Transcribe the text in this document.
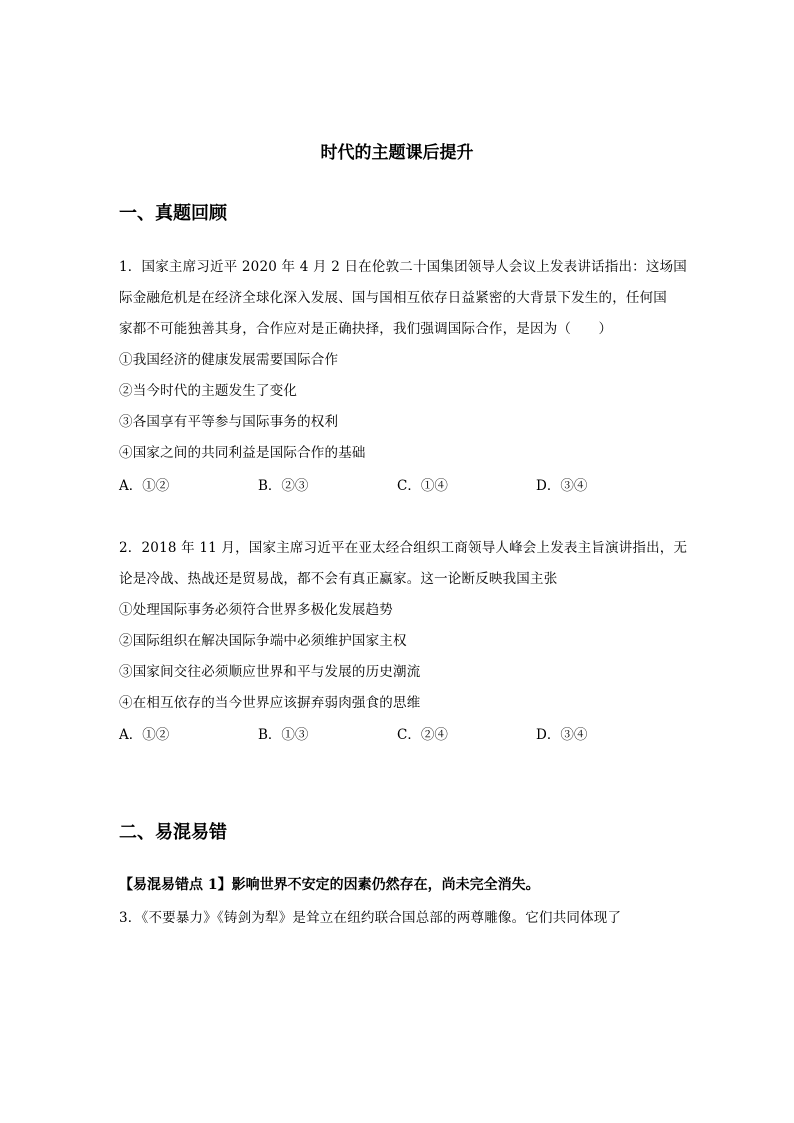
时代的主题课后提升
一、真题回顾
1．国家主席习近平 2020 年 4 月 2 日在伦敦二十国集团领导人会议上发表讲话指出：这场国
际金融危机是在经济全球化深入发展、国与国相互依存日益紧密的大背景下发生的，任何国
家都不可能独善其身，合作应对是正确抉择，我们强调国际合作，是因为（　　）
①我国经济的健康发展需要国际合作
②当今时代的主题发生了变化
③各国享有平等参与国际事务的权利
④国家之间的共同利益是国际合作的基础
A．①②	B．②③	C．①④	D．③④
2．2018 年 11 月，国家主席习近平在亚太经合组织工商领导人峰会上发表主旨演讲指出，无
论是冷战、热战还是贸易战，都不会有真正赢家。这一论断反映我国主张
①处理国际事务必须符合世界多极化发展趋势
②国际组织在解决国际争端中必须维护国家主权
③国家间交往必须顺应世界和平与发展的历史潮流
④在相互依存的当今世界应该摒弃弱肉强食的思维
A．①②	B．①③	C．②④	D．③④
二、易混易错
【易混易错点 1】影响世界不安定的因素仍然存在，尚未完全消失。
3．《不要暴力》《铸剑为犁》是耸立在纽约联合国总部的两尊雕像。它们共同体现了
